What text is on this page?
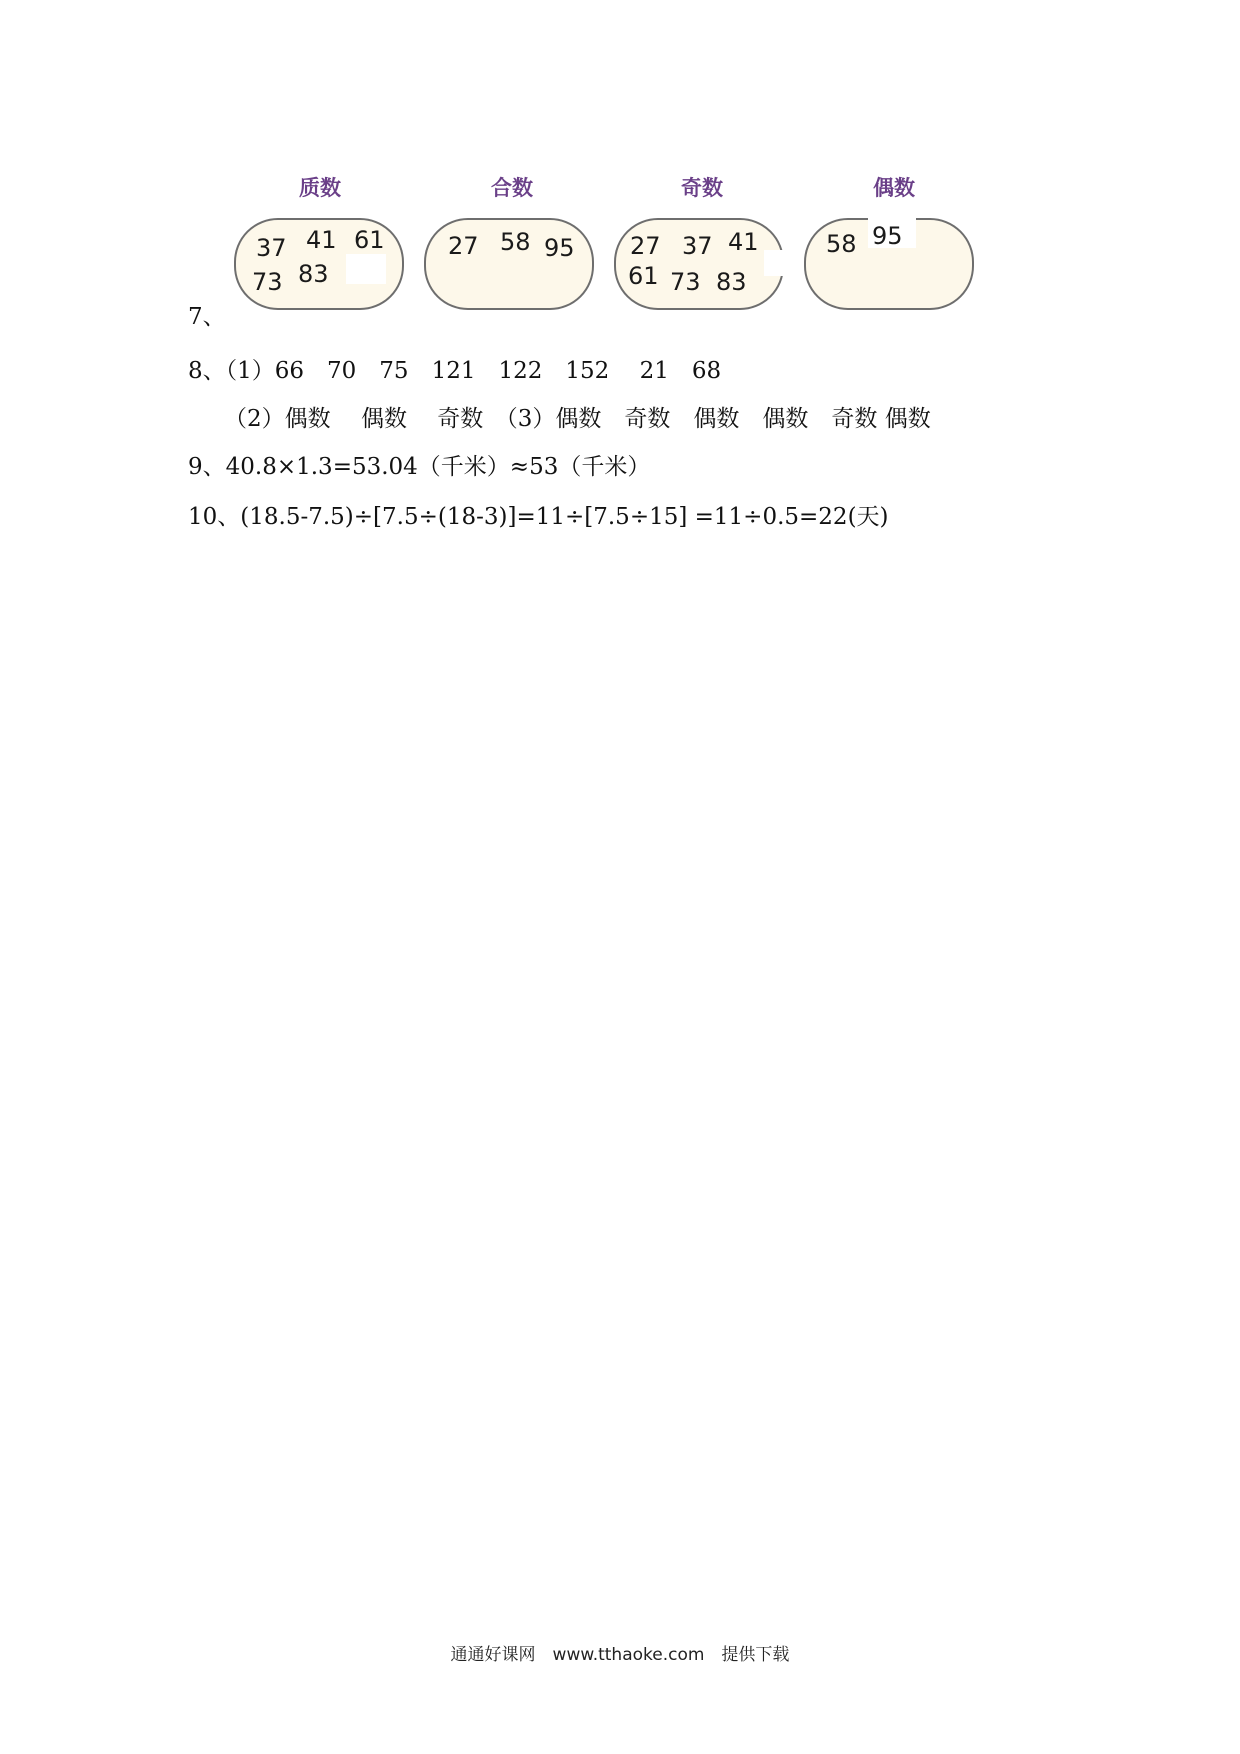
质数	合数	奇数	偶数
37 41 61
73 83
27 58 95 27 37 41
61 73 83
58 95
7、
8、（1）66　70　75　121　122　152　 21　68
（2）偶数　 偶数　 奇数　（3）偶数　奇数　偶数　偶数　奇数 偶数
9、40.8×1.3=53.04（千米）≈53（千米）
10、(18.5-7.5)÷[7.5÷(18-3)]=11÷[7.5÷15] =11÷0.5=22(天)
通通好课网　www.tthaoke.com　提供下载
